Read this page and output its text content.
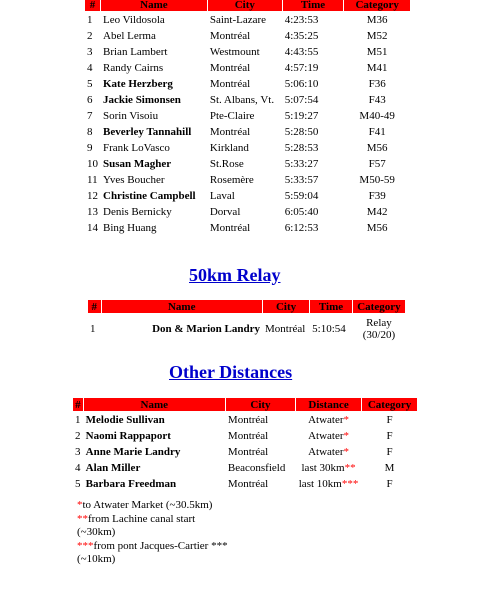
#	Name	City	Time	Category
1	Leo Vildosola	Saint-Lazare	4:23:53	M36
2	Abel Lerma	Montréal	4:35:25	M52
3	Brian Lambert	Westmount	4:43:55	M51
4	Randy Cairns	Montréal	4:57:19	M41
5	Kate Herzberg	Montréal	5:06:10	F36
6	Jackie Simonsen	St. Albans, Vt.	5:07:54	F43
7	Sorin Visoiu	Pte-Claire	5:19:27	M40-49
8	Beverley Tannahill	Montréal	5:28:50	F41
9	Frank LoVasco	Kirkland	5:28:53	M56
10	Susan Magher	St.Rose	5:33:27	F57
11	Yves Boucher	Rosemère	5:33:57	M50-59
12	Christine Campbell	Laval	5:59:04	F39
13	Denis Bernicky	Dorval	6:05:40	M42
14	Bing Huang	Montréal	6:12:53	M56
50km Relay
#	Name	City	Time	Category
1	Don & Marion Landry	Montréal	5:10:54	Relay
(30/20)
Other Distances
#	Name	City	Distance	Category
1	Melodie Sullivan	Montréal	Atwater*	F
2	Naomi Rappaport	Montréal	Atwater*	F
3	Anne Marie Landry	Montréal	Atwater*	F
4	Alan Miller	Beaconsfield	last 30km**	M
5	Barbara Freedman	Montréal	last 10km***	F
*to Atwater Market (~30.5km)
**from Lachine canal start
(~30km)
***from pont Jacques-Cartier ***
(~10km)
